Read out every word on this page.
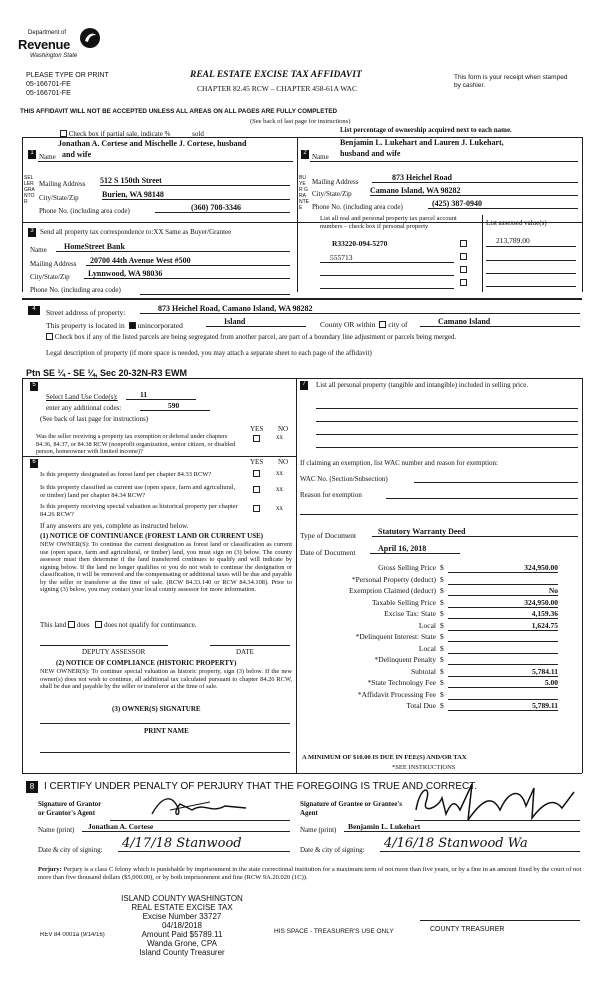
Department of
Revenue
Washington State
PLEASE TYPE OR PRINT
05-166701-FE
05-166701-FE
REAL ESTATE EXCISE TAX AFFIDAVIT
CHAPTER 82.45 RCW – CHAPTER 458-61A WAC
This form is your receipt when stamped by cashier.
THIS AFFIDAVIT WILL NOT BE ACCEPTED UNLESS ALL AREAS ON ALL PAGES ARE FULLY COMPLETED
(See back of last page for instructions)
Check box if partial sale, indicate %	sold	List percentage of ownership acquired next to each name.
1
Jonathan A. Cortese and Mischelle J. Cortese, husband
Name and wife
SELLER GRANTOR
Mailing Address 512 S 150th Street
City/State/Zip	Burien, WA 98148
Phone No. (including area code)	(360) 708-3346
2
Benjamin L. Lukehart and Lauren J. Lukehart,
Name husband and wife
BUYER GRANTEE
Mailing Address	873 Heichel Road
City/State/Zip Camano Island, WA 98282
Phone No. (including area code)	(425) 387-0940
3 Send all property tax correspondence to:XX Same as Buyer/Grantee
Name	HomeStreet Bank
Mailing Address	20700 44th Avenue West #500
City/State/Zip	Lynnwood, WA 98036
Phone No. (including area code)
List all real and personal property tax parcel account numbers – check box if personal property	List assessed value(s)
R33220-094-5270	213,789.00
555713
4	Street address of property:	873 Heichel Road, Camano Island, WA 98282
This property is located in unincorporated	Island	County OR within city of	Camano Island
Check box if any of the listed parcels are being segregated from another parcel, are part of a boundary line adjustment or parcels being merged.
Legal description of property (if more space is needed, you may attach a separate sheet to each page of the affidavit)
Ptn SE ¼ - SE ¼, Sec 20-32N-R3 EWM
5
Select Land Use Code(s):	11
enter any additional codes:	590
(See back of last page for instructions)
YES NO
Was the seller receiving a property tax exemption or deferral under chapters 84.36, 84.37, or 84.38 RCW (nonprofit organization, senior citizen, or disabled person, homeowner with limited income)?
xx
6	YES NO
Is this property designated as forest land per chapter 84.33 RCW?	xx
Is this property classified as current use (open space, farm and agricultural, or timber) land per chapter 84.34 RCW?
xx
Is this property receiving special valuation as historical property per chapter 84.26 RCW?
xx
If any answers are yes, complete as instructed below.
(1) NOTICE OF CONTINUANCE (FOREST LAND OR CURRENT USE)
NEW OWNER(S): To continue the current designation as forest land or classification as current use (open space, farm and agricultural, or timber) land, you must sign on (3) below. The county assessor must then determine if the land transferred continues to qualify and will indicate by signing below. If the land no longer qualifies or you do not wish to continue the designation or classification, it will be removed and the compensating or additional taxes will be due and payable by the seller or transferor at the time of sale. (RCW 84.33.140 or RCW 84.34.108). Prior to signing (3) below, you may contact your local county assessor for more information.
This land does does not qualify for continuance.
DEPUTY ASSESSOR	DATE
(2) NOTICE OF COMPLIANCE (HISTORIC PROPERTY)
NEW OWNER(S): To continue special valuation as historic property, sign (3) below. If the new owner(s) does not wish to continue, all additional tax calculated pursuant to chapter 84.26 RCW, shall be due and payable by the seller or transferor at the time of sale.
(3) OWNER(S) SIGNATURE
PRINT NAME
7	List all personal property (tangible and intangible) included in selling price.
If claiming an exemption, list WAC number and reason for exemption:
WAC No. (Section/Subsection)
Reason for exemption
Type of Document	Statutory Warranty Deed
Date of Document	April 16, 2018
Gross Selling Price $	324,950.00
*Personal Property (deduct) $
Exemption Claimed (deduct) $	No
Taxable Selling Price $	324,950.00
Excise Tax: State $	4,159.36
Local $	1,624.75
*Delinquent Interest: State $
Local $
*Delinquent Penalty $
Subtotal $	5,784.11
*State Technology Fee $	5.00
*Affidavit Processing Fee $
Total Due $	5,789.11
A MINIMUM OF $10.00 IS DUE IN FEE(S) AND/OR TAX
*SEE INSTRUCTIONS
8 I CERTIFY UNDER PENALTY OF PERJURY THAT THE FOREGOING IS TRUE AND CORRECT.
Signature of Grantor or Grantor's Agent
Signature of Grantee or Grantee's Agent
Name (print)	Jonathan A. Cortese	Name (print)	Benjamin L. Lukehart
Date & city of signing:	4/17/18 Stanwood	Date & city of signing:	4/16/18 Stanwood Wa
Perjury: Perjury is a class C felony which is punishable by imprisonment in the state correctional institution for a maximum term of not more than five years, or by a fine in an amount fixed by the court of not more than five thousand dollars ($5,000.00), or by both imprisonment and fine (RCW 9A.20.020 (1C)).
ISLAND COUNTY WASHINGTON
REAL ESTATE EXCISE TAX
Excise Number 33727
04/18/2018
Amount Paid $5789.11
Wanda Grone, CPA
Island County Treasurer
REV 84 0001a (9/14/16)	HIS SPACE - TREASURER'S USE ONLY	COUNTY TREASURER
